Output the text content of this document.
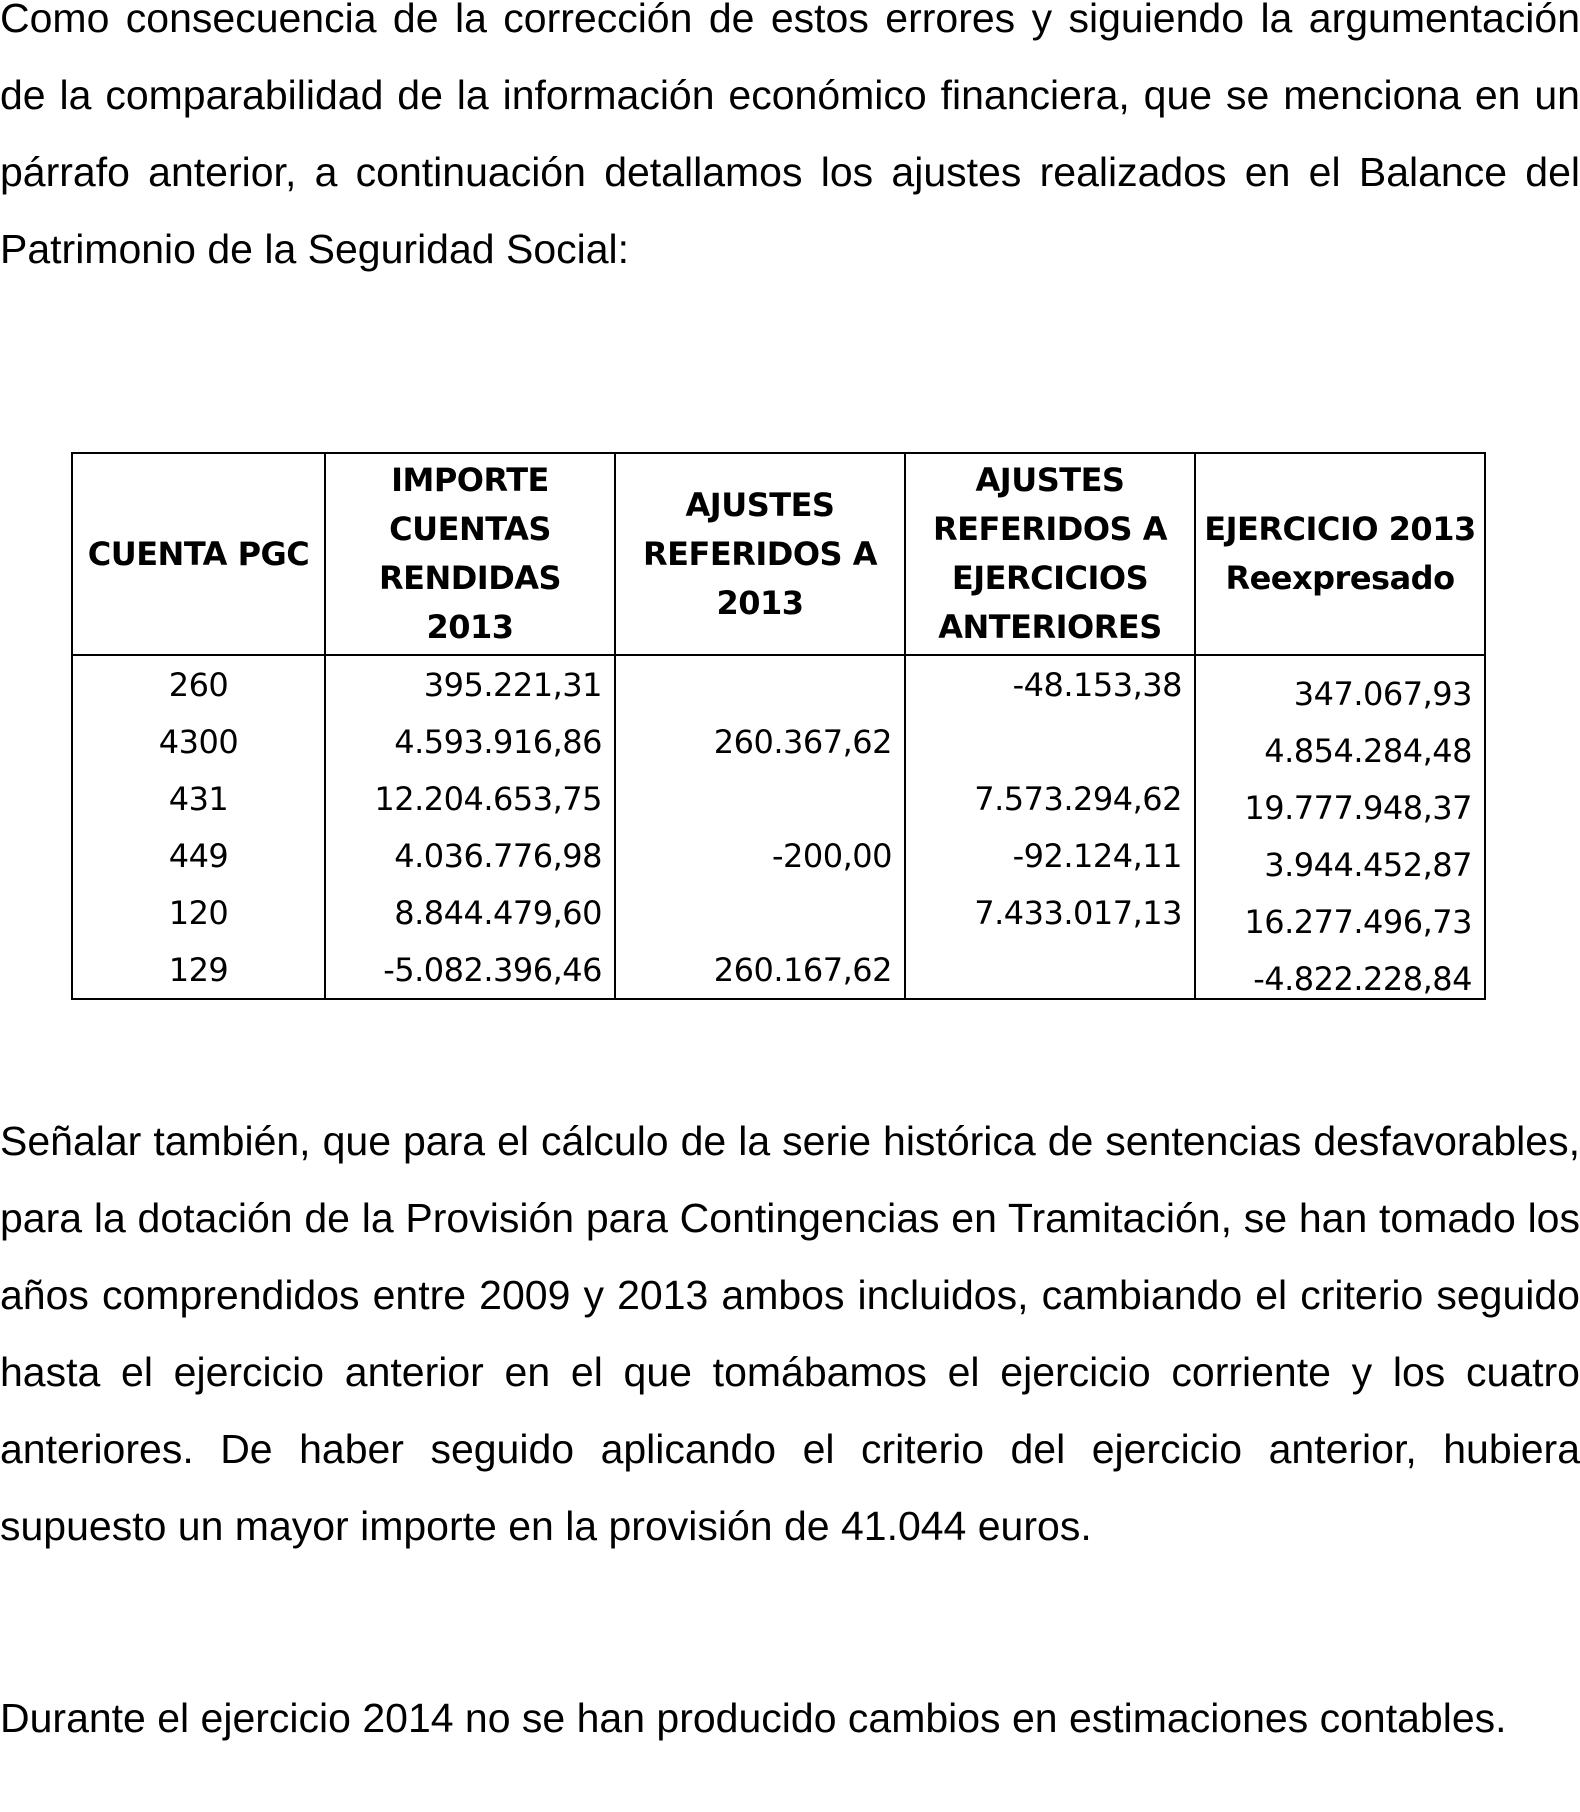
Como consecuencia de la corrección de estos errores y siguiendo la argumentación de la comparabilidad de la información económico financiera, que se menciona en un párrafo anterior, a continuación detallamos los ajustes realizados en el Balance del Patrimonio de la Seguridad Social:

CUENTA PGC	IMPORTE CUENTAS RENDIDAS 2013	AJUSTES REFERIDOS A 2013	AJUSTES REFERIDOS A EJERCICIOS ANTERIORES	EJERCICIO 2013
Reexpresado

260	395.221,31		-48.153,38	347.067,93
4300	4.593.916,86	260.367,62		4.854.284,48
431	12.204.653,75		7.573.294,62	19.777.948,37
449	4.036.776,98	-200,00	-92.124,11	3.944.452,87
120	8.844.479,60		7.433.017,13	16.277.496,73
129	-5.082.396,46	260.167,62		-4.822.228,84

Señalar también, que para el cálculo de la serie histórica de sentencias desfavorables, para la dotación de la Provisión para Contingencias en Tramitación, se han tomado los años comprendidos entre 2009 y 2013 ambos incluidos, cambiando el criterio seguido hasta el ejercicio anterior en el que tomábamos el ejercicio corriente y los cuatro anteriores. De haber seguido aplicando el criterio del ejercicio anterior, hubiera supuesto un mayor importe en la provisión de 41.044 euros.

Durante el ejercicio 2014 no se han producido cambios en estimaciones contables.
